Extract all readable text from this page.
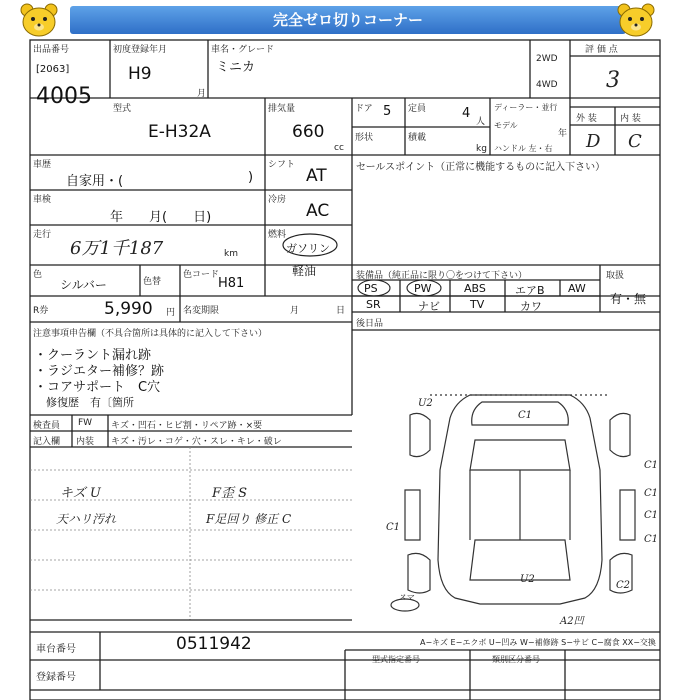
完全ゼロ切りコーナー
出品番号
[2063]
4005
初度登録年月
H9
月
車名・グレード
ミニカ
2WD
4WD
評 価 点
3
外 装	内 装
D C
型式
E-H32A
排気量
660
cc
ドア 5 定員	4
人
形状	積載
kg
ディーラー・並行
モデル
年
ハンドル 左・右
車歴
自家用・(	)
シフト
AT
車検
年　　月(　　日)
冷房
AC
走行
6万1千187	km
燃料
ガソリン
軽油
色
シルバー	色替
色コード
H81
R券	5,990 円 名変期限	月	日
セールスポイント（正常に機能するものに記入下さい）
装備品（純正品に限り〇をつけて下さい）
PS	PW	ABS	エアB AW
SR	ナビ	TV	カワ
取扱
有・無
後日品
注意事項申告欄（不具合箇所は具体的に記入して下さい）
・クーラント漏れ跡
・ラジエター補修？跡
・コアサポート　C穴
修復歴　有〔箇所
検査員
記入欄
FW キズ・凹石・ヒビ割・リペア跡・×要
内装 キズ・汚レ・コゲ・穴・スレ・キレ・破レ
キズ U	F歪 S
天ハリ汚れ	F足回り 修正 C
U2
C1
C1
C1
C1
C1
C1
U2
C2
A2凹
スマ
A−キズ E−エクボ U−凹み W−補修跡 S−サビ C−腐食 XX−交換
車台番号	0511942
登録番号
型式指定番号	類別区分番号
